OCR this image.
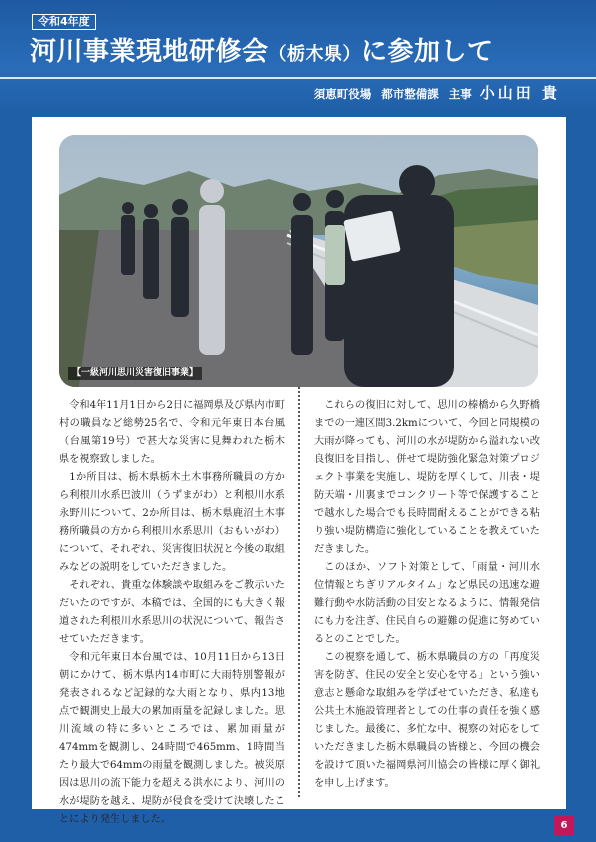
令和4年度
河川事業現地研修会（栃木県）に参加して
須恵町役場 都市整備課 主事 小山田 貴
【一級河川思川災害復旧事業】

令和4年11月1日から2日に福岡県及び県内市町村の職員など総勢25名で、令和元年東日本台風（台風第19号）で甚大な災害に見舞われた栃木県を視察致しました。

1か所目は、栃木県栃木土木事務所職員の方から利根川水系巴波川（うずまがわ）と利根川水系永野川について、2か所目は、栃木県鹿沼土木事務所職員の方から利根川水系思川（おもいがわ）について、それぞれ、災害復旧状況と今後の取組みなどの説明をしていただきました。

それぞれ、貴重な体験談や取組みをご教示いただいたのですが、本稿では、全国的にも大きく報道された利根川水系思川の状況について、報告させていただきます。

令和元年東日本台風では、10月11日から13日朝にかけて、栃木県内14市町に大雨特別警報が発表されるなど記録的な大雨となり、県内13地点で観測史上最大の累加雨量を記録しました。思川流域の特に多いところでは、累加雨量が474mmを観測し、24時間で465mm、1時間当たり最大で64mmの雨量を観測しました。被災原因は思川の流下能力を超える洪水により、河川の水が堤防を越え、堤防が侵食を受けて決壊したことにより発生しました。

これらの復旧に対して、思川の榛橋から久野橋までの一連区間3.2kmについて、今回と同規模の大雨が降っても、河川の水が堤防から溢れない改良復旧を目指し、併せて堤防強化緊急対策プロジェクト事業を実施し、堤防を厚くして、川表・堤防天端・川裏までコンクリート等で保護することで越水した場合でも長時間耐えることができる粘り強い堤防構造に強化していることを教えていただきました。

このほか、ソフト対策として、「雨量・河川水位情報とちぎリアルタイム」など県民の迅速な避難行動や水防活動の目安となるように、情報発信にも力を注ぎ、住民自らの避難の促進に努めているとのことでした。

この視察を通して、栃木県職員の方の「再度災害を防ぎ、住民の安全と安心を守る」という強い意志と懸命な取組みを学ばせていただき、私達も公共土木施設管理者としての仕事の責任を強く感じました。最後に、多忙な中、視察の対応をしていただきました栃木県職員の皆様と、今回の機会を設けて頂いた福岡県河川協会の皆様に厚く御礼を申し上げます。

6
